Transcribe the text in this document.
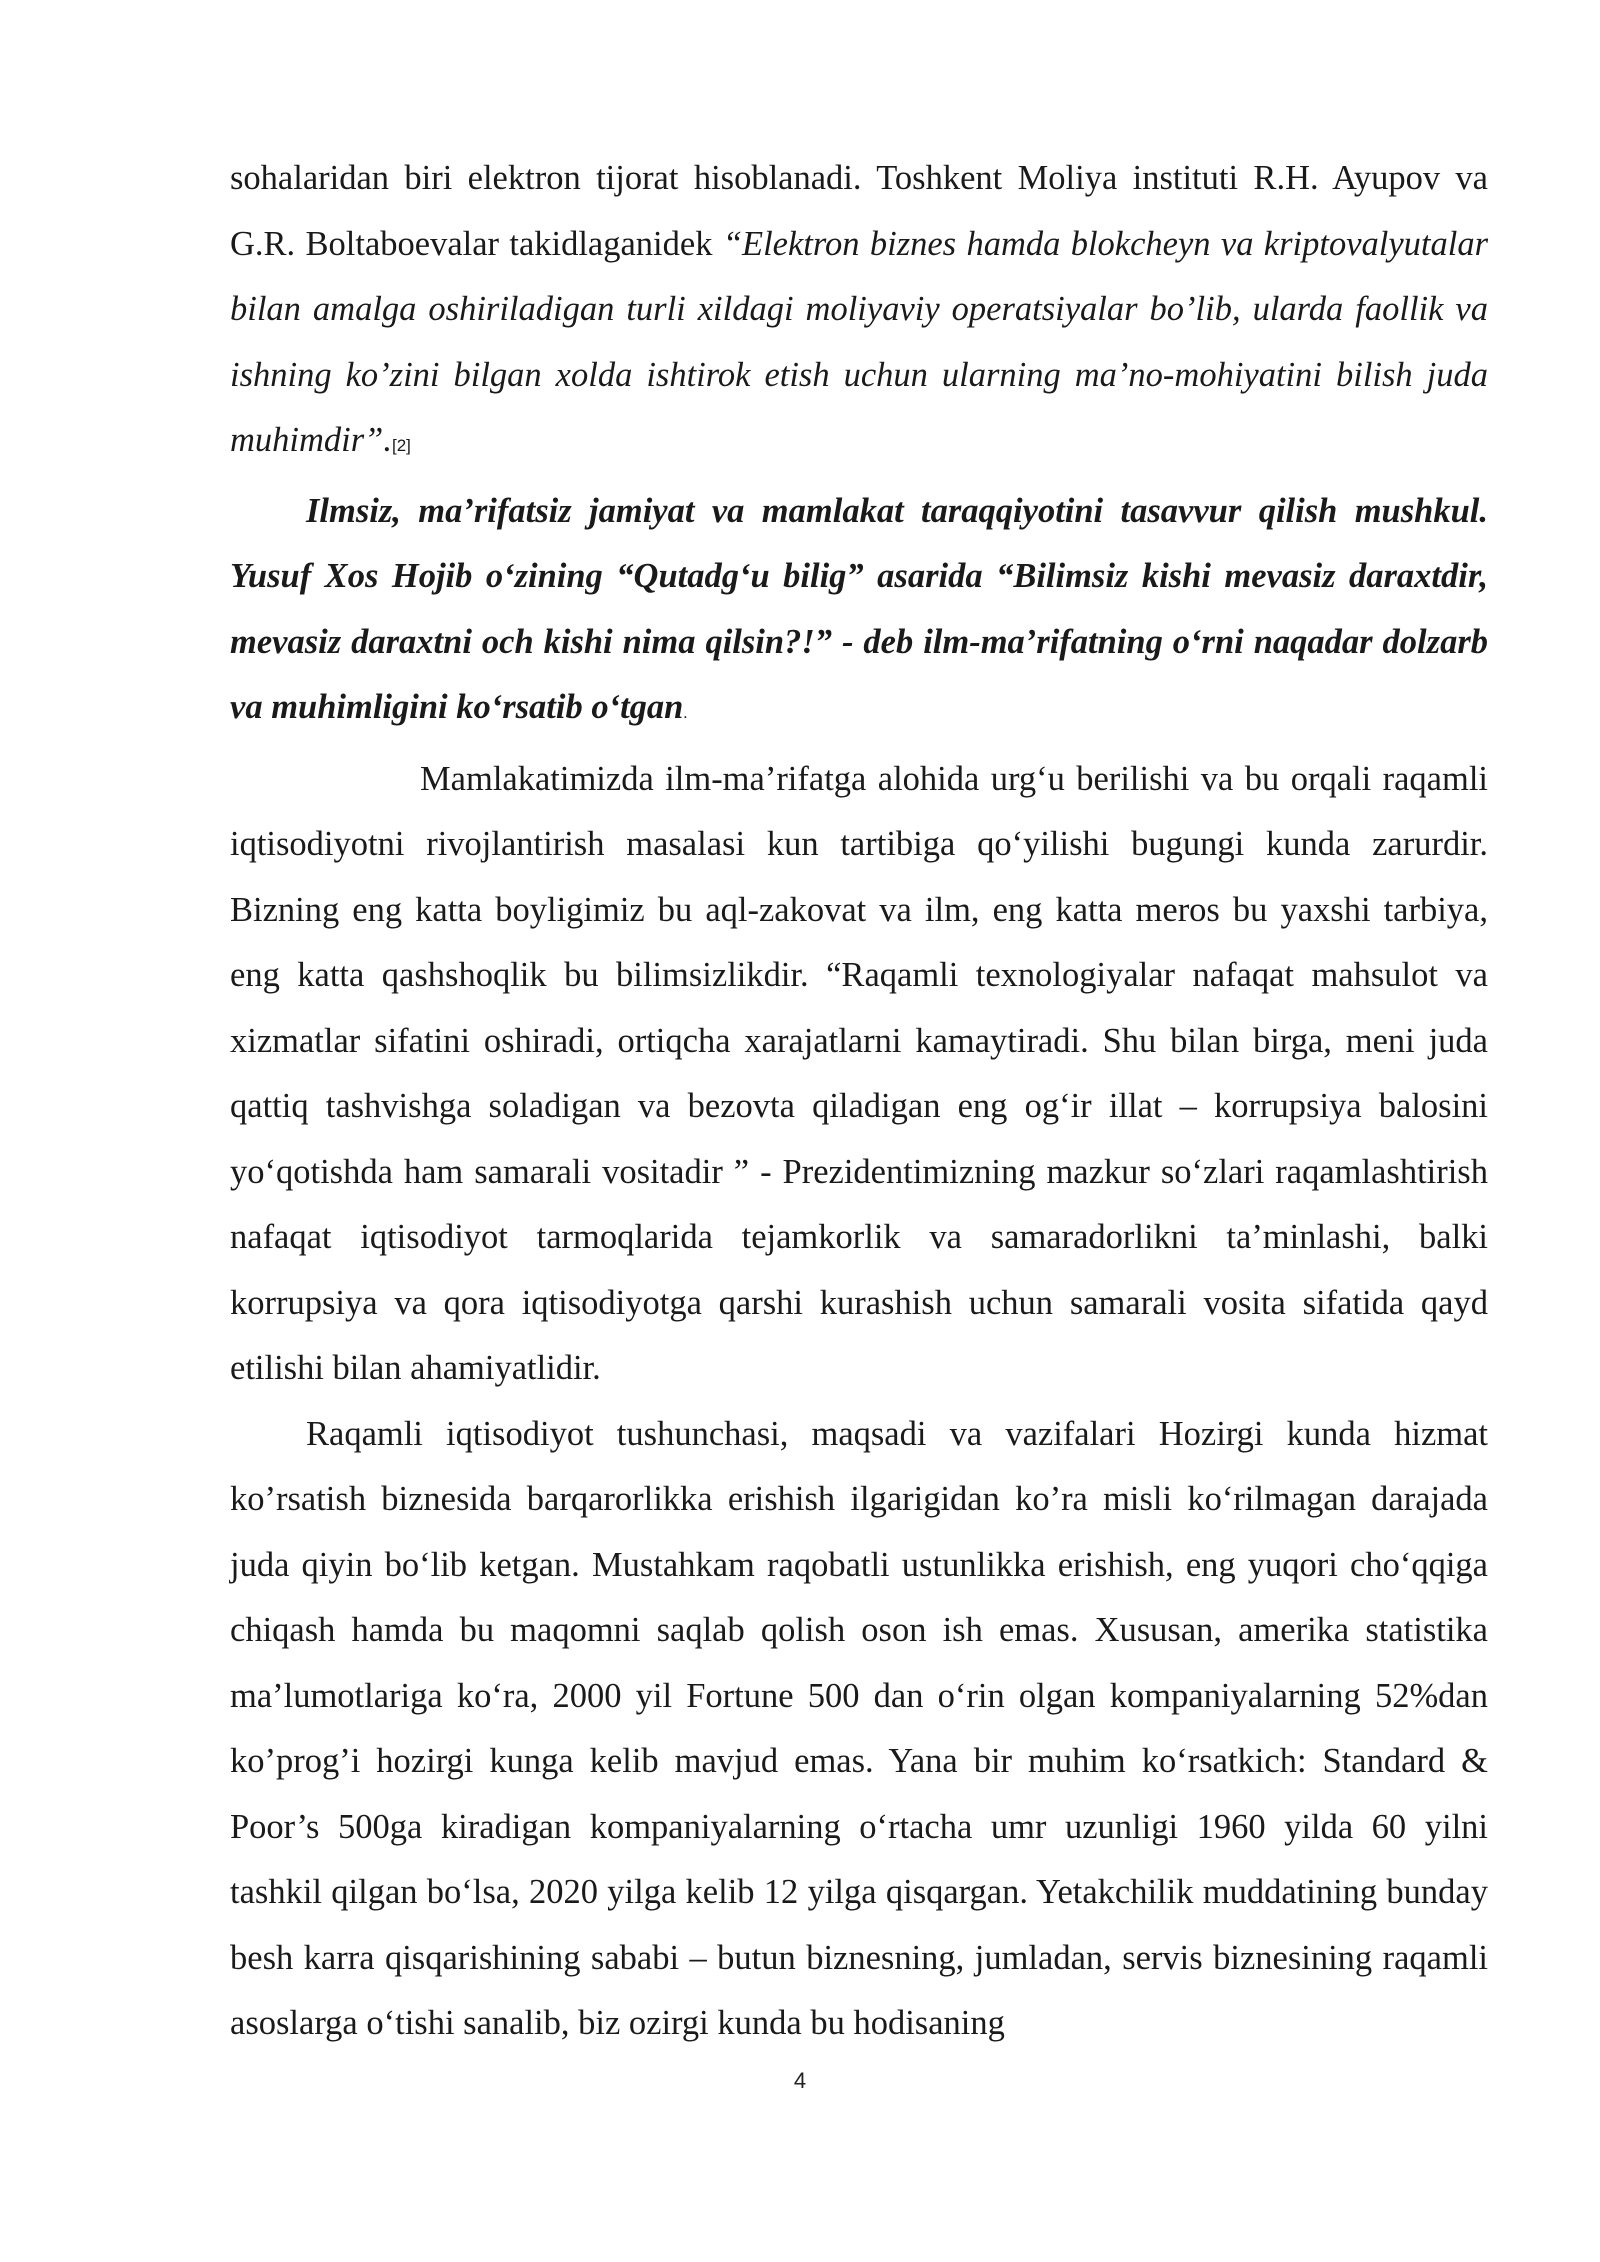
sohalaridan biri elektron tijorat hisoblanadi. Toshkent Moliya instituti R.H. Ayupov va G.R. Boltaboevalar takidlaganidek “Elektron biznes hamda blokcheyn va kriptovalyutalar bilan amalga oshiriladigan turli xildagi moliyaviy operatsiyalar bo’lib, ularda faollik va ishning ko’zini bilgan xolda ishtirok etish uchun ularning ma’no-mohiyatini bilish juda muhimdir”.[2]

Ilmsiz, ma’rifatsiz jamiyat va mamlakat taraqqiyotini tasavvur qilish mushkul. Yusuf Xos Hojib o‘zining “Qutadg‘u bilig” asarida “Bilimsiz kishi mevasiz daraxtdir, mevasiz daraxtni och kishi nima qilsin?!” - deb ilm-ma’rifatning o‘rni naqadar dolzarb va muhimligini ko‘rsatib o‘tgan.

Mamlakatimizda ilm-ma’rifatga alohida urg‘u berilishi va bu orqali raqamli iqtisodiyotni rivojlantirish masalasi kun tartibiga qo‘yilishi bugungi kunda zarurdir. Bizning eng katta boyligimiz bu aql-zakovat va ilm, eng katta meros bu yaxshi tarbiya, eng katta qashshoqlik bu bilimsizlikdir. “Raqamli texnologiyalar nafaqat mahsulot va xizmatlar sifatini oshiradi, ortiqcha xarajatlarni kamaytiradi. Shu bilan birga, meni juda qattiq tashvishga soladigan va bezovta qiladigan eng og‘ir illat – korrupsiya balosini yo‘qotishda ham samarali vositadir ” - Prezidentimizning mazkur so‘zlari raqamlashtirish nafaqat iqtisodiyot tarmoqlarida tejamkorlik va samaradorlikni ta’minlashi, balki korrupsiya va qora iqtisodiyotga qarshi kurashish uchun samarali vosita sifatida qayd etilishi bilan ahamiyatlidir.

Raqamli iqtisodiyot tushunchasi, maqsadi va vazifalari Hozirgi kunda hizmat ko’rsatish biznesida barqarorlikka erishish ilgarigidan ko’ra misli ko‘rilmagan darajada juda qiyin bo‘lib ketgan. Mustahkam raqobatli ustunlikka erishish, eng yuqori cho‘qqiga chiqash hamda bu maqomni saqlab qolish oson ish emas. Xususan, amerika statistika ma’lumotlariga ko‘ra, 2000 yil Fortune 500 dan o‘rin olgan kompaniyalarning 52%dan ko’prog’i hozirgi kunga kelib mavjud emas. Yana bir muhim ko‘rsatkich: Standard & Poor’s 500ga kiradigan kompaniyalarning o‘rtacha umr uzunligi 1960 yilda 60 yilni tashkil qilgan bo‘lsa, 2020 yilga kelib 12 yilga qisqargan. Yetakchilik muddatining bunday besh karra qisqarishining sababi – butun biznesning, jumladan, servis biznesining raqamli asoslarga o‘tishi sanalib, biz ozirgi kunda bu hodisaning

4
